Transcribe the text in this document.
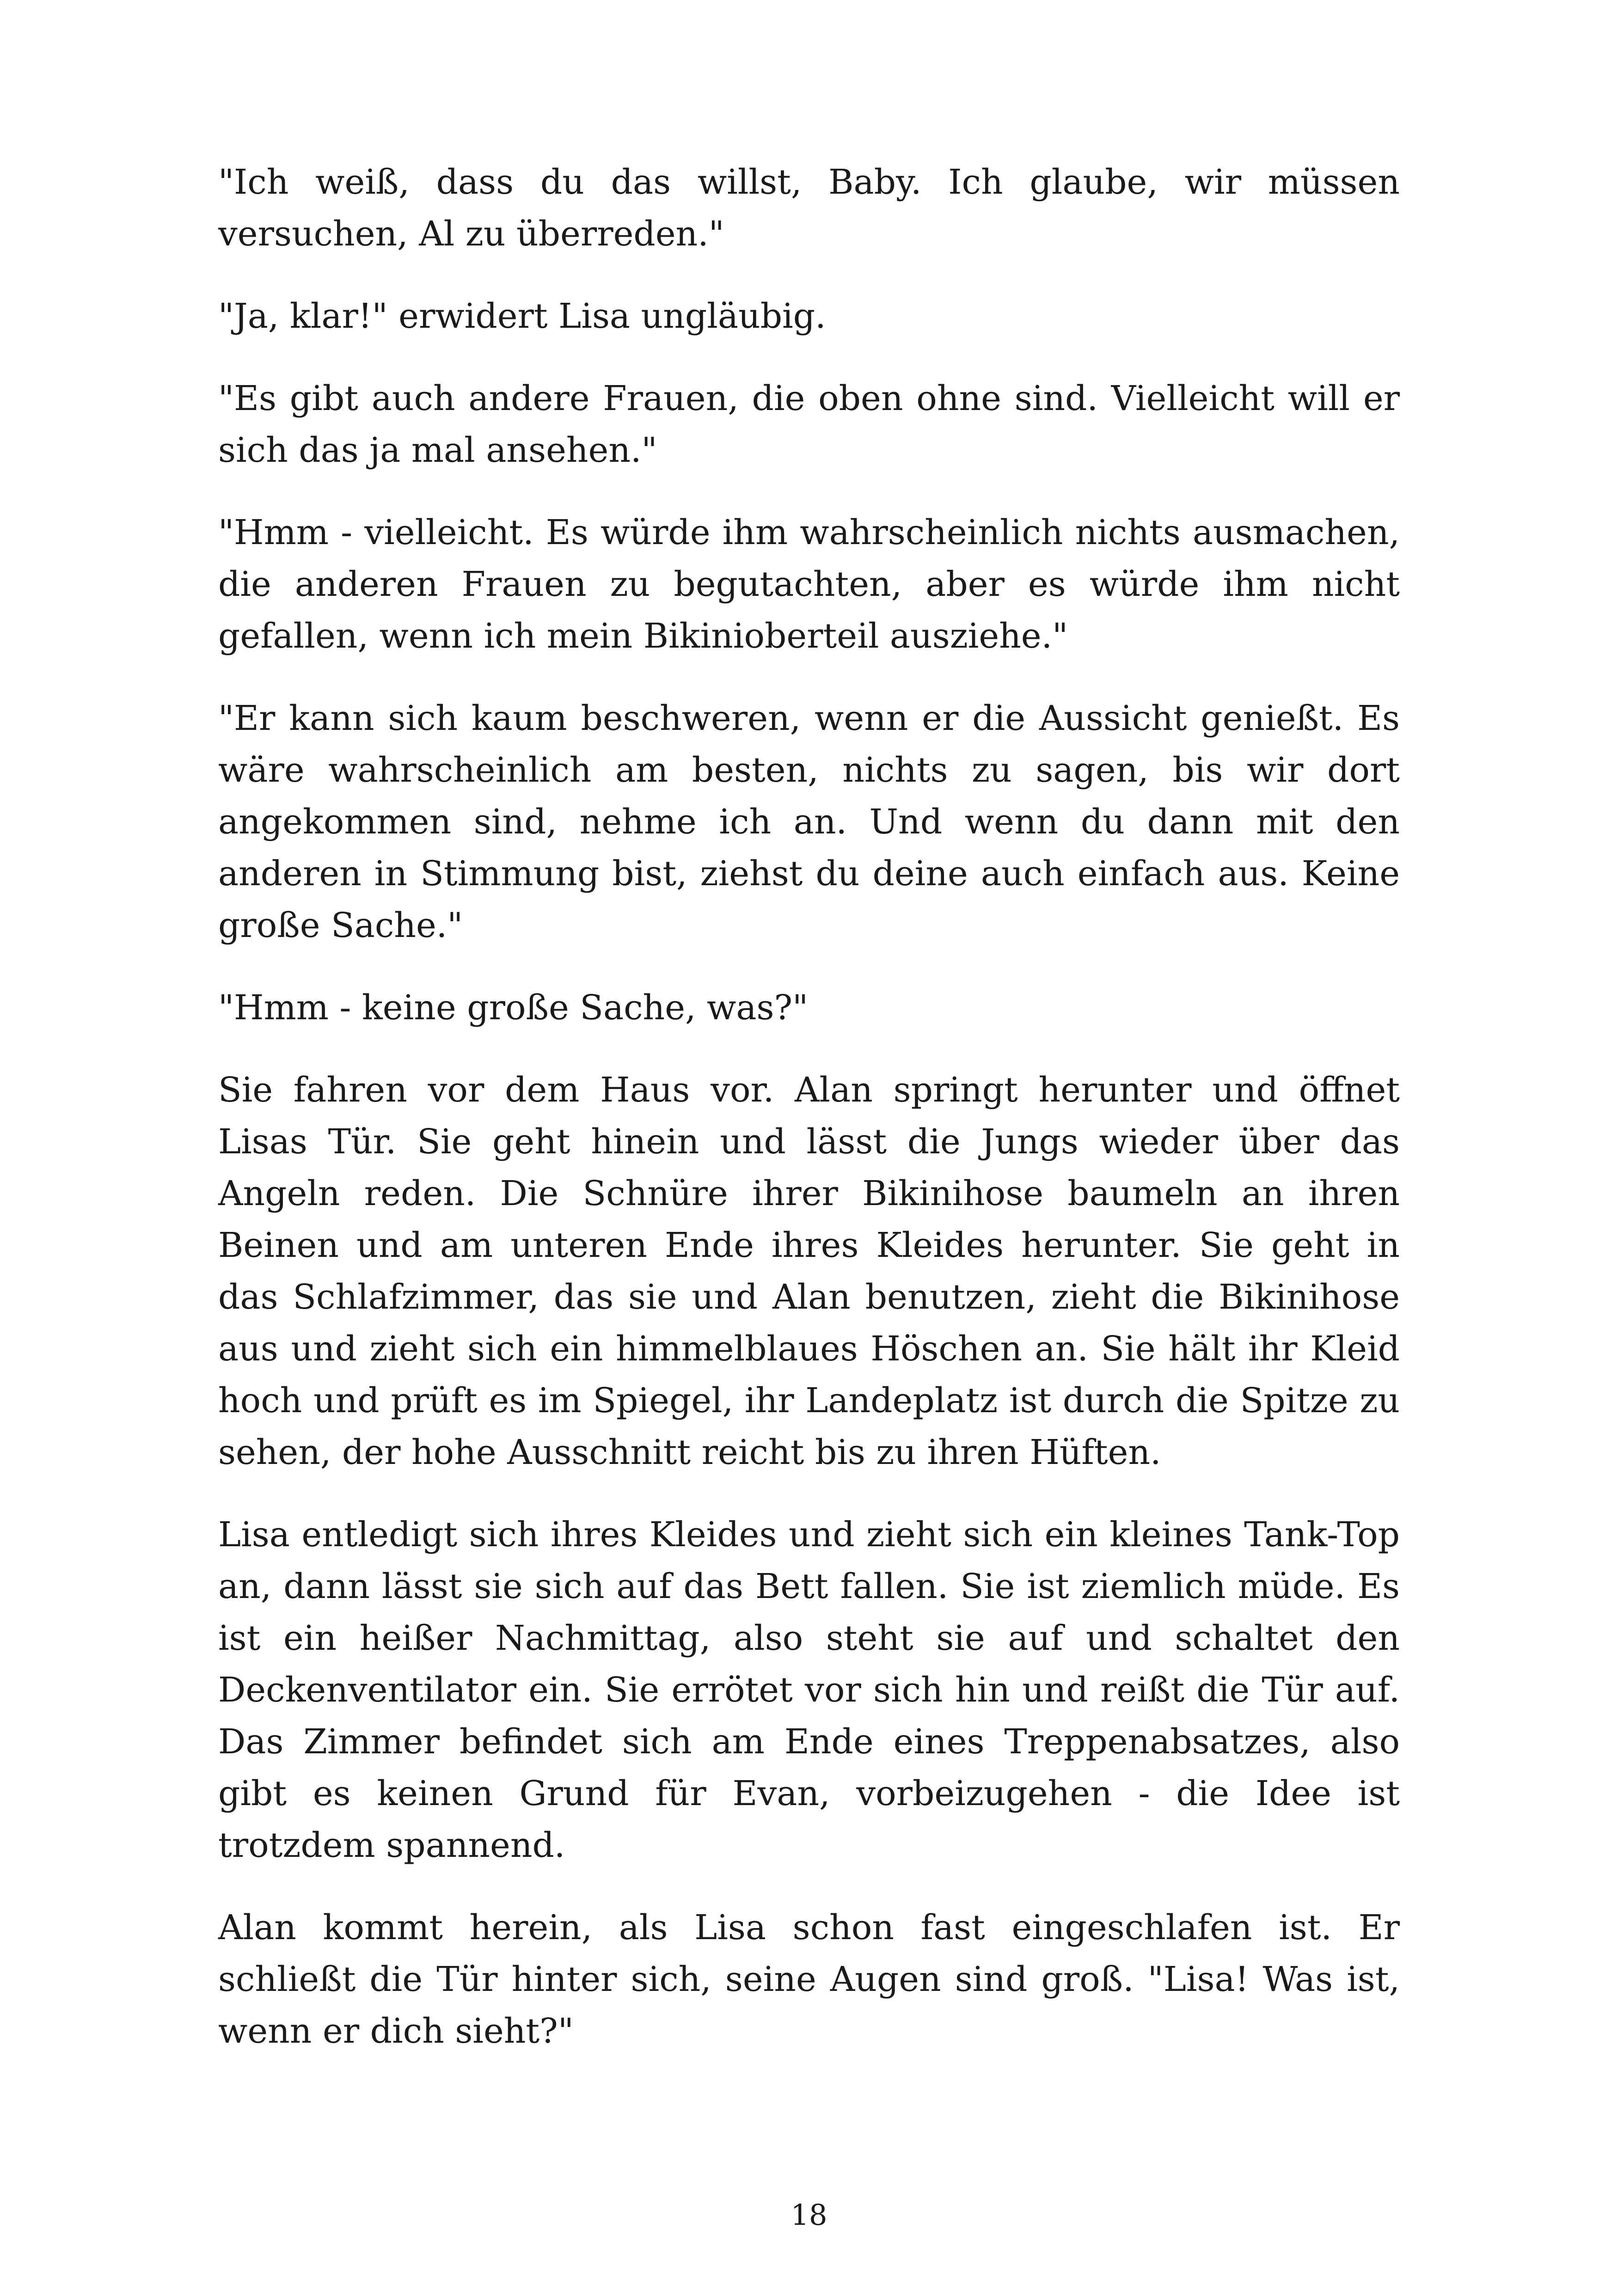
"Ich weiß, dass du das willst, Baby. Ich glaube, wir müssen versuchen, Al zu überreden."

"Ja, klar!" erwidert Lisa ungläubig.

"Es gibt auch andere Frauen, die oben ohne sind. Vielleicht will er sich das ja mal ansehen."

"Hmm - vielleicht. Es würde ihm wahrscheinlich nichts ausmachen, die anderen Frauen zu begutachten, aber es würde ihm nicht gefallen, wenn ich mein Bikinioberteil ausziehe."

"Er kann sich kaum beschweren, wenn er die Aussicht genießt. Es wäre wahrscheinlich am besten, nichts zu sagen, bis wir dort angekommen sind, nehme ich an. Und wenn du dann mit den anderen in Stimmung bist, ziehst du deine auch einfach aus. Keine große Sache."

"Hmm - keine große Sache, was?"

Sie fahren vor dem Haus vor. Alan springt herunter und öffnet Lisas Tür. Sie geht hinein und lässt die Jungs wieder über das Angeln reden. Die Schnüre ihrer Bikinihose baumeln an ihren Beinen und am unteren Ende ihres Kleides herunter. Sie geht in das Schlafzimmer, das sie und Alan benutzen, zieht die Bikinihose aus und zieht sich ein himmelblaues Höschen an. Sie hält ihr Kleid hoch und prüft es im Spiegel, ihr Landeplatz ist durch die Spitze zu sehen, der hohe Ausschnitt reicht bis zu ihren Hüften.

Lisa entledigt sich ihres Kleides und zieht sich ein kleines Tank-Top an, dann lässt sie sich auf das Bett fallen. Sie ist ziemlich müde. Es ist ein heißer Nachmittag, also steht sie auf und schaltet den Deckenventilator ein. Sie errötet vor sich hin und reißt die Tür auf. Das Zimmer befindet sich am Ende eines Treppenabsatzes, also gibt es keinen Grund für Evan, vorbeizugehen - die Idee ist trotzdem spannend.

Alan kommt herein, als Lisa schon fast eingeschlafen ist. Er schließt die Tür hinter sich, seine Augen sind groß. "Lisa! Was ist, wenn er dich sieht?"

18
